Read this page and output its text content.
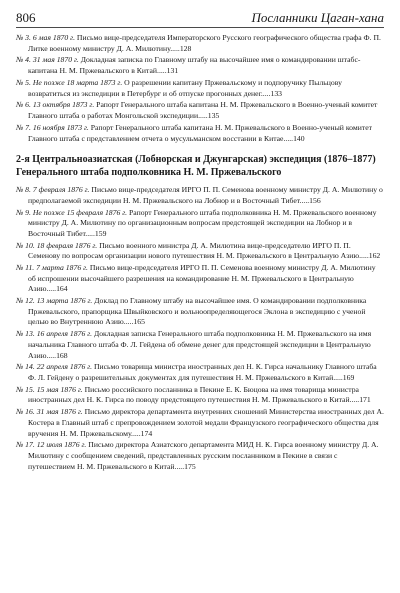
806	Посланники Цаган-хана
№ 3. 6 мая 1870 г. Письмо вице-председателя Императорского Русского географического общества графа Ф. П. Литке военному министру Д. А. Милютину.....128
№ 4. 31 мая 1870 г. Докладная записка по Главному штабу на высочайшее имя о командировании штабс-капитана Н. М. Пржевальского в Китай.....131
№ 5. Не позже 18 марта 1873 г. О разрешении капитану Пржевальскому и подпоручику Пыльцову возвратиться из экспедиции в Петербург и об отпуске прогонных денег.....133
№ 6. 13 октября 1873 г. Рапорт Генерального штаба капитана Н. М. Пржевальского в Военно-ученый комитет Главного штаба о работах Монгольской экспедиции.....135
№ 7. 16 ноября 1873 г. Рапорт Генерального штаба капитана Н. М. Пржевальского в Военно-ученый комитет Главного штаба с представлением отчета о мусульманском восстании в Китае.....140
2-я Центральноазиатская (Лобнорская и Джунгарская) экспедиция (1876–1877) Генерального штаба подполковника Н. М. Пржевальского
№ 8. 7 февраля 1876 г. Письмо вице-председателя ИРГО П. П. Семенова военному министру Д. А. Милютину о предполагаемой экспедиции Н. М. Пржевальского на Лобнор и в Восточный Тибет.....156
№ 9. Не позже 15 февраля 1876 г. Рапорт Генерального штаба подполковника Н. М. Пржевальского военному министру Д. А. Милютину по организационным вопросам предстоящей экспедиции на Лобнор и в Восточный Тибет.....159
№ 10. 18 февраля 1876 г. Письмо военного министра Д. А. Милютина вице-председателю ИРГО П. П. Семенову по вопросам организации нового путешествия Н. М. Пржевальского в Центральную Азию.....162
№ 11. 7 марта 1876 г. Письмо вице-председателя ИРГО П. П. Семенова военному министру Д. А. Милютину об испрошении высочайшего разрешения на командирование Н. М. Пржевальского в Центральную Азию.....164
№ 12. 13 марта 1876 г. Доклад по Главному штабу на высочайшее имя. О командировании подполковника Пржевальского, прапорщика Швыйковского и вольноопределяющегося Эклона в экспедицию с ученой целью во Внутреннюю Азию.....165
№ 13. 16 апреля 1876 г. Докладная записка Генерального штаба подполковника Н. М. Пржевальского на имя начальника Главного штаба Ф. Л. Гейдена об обмене денег для предстоящей экспедиции в Центральную Азию.....168
№ 14. 22 апреля 1876 г. Письмо товарища министра иностранных дел Н. К. Гирса начальнику Главного штаба Ф. Л. Гейдену о разрешительных документах для путешествия Н. М. Пржевальского в Китай.....169
№ 15. 15 мая 1876 г. Письмо российского посланника в Пекине Е. К. Бюцова на имя товарища министра иностранных дел Н. К. Гирса по поводу предстоящего путешествия Н. М. Пржевальского в Китай.....171
№ 16. 31 мая 1876 г. Письмо директора департамента внутренних сношений Министерства иностранных дел А. Костера в Главный штаб с препровождением золотой медали Французского географического общества для вручения Н. М. Пржевальскому.....174
№ 17. 12 июля 1876 г. Письмо директора Азиатского департамента МИД Н. К. Гирса военному министру Д. А. Милютину с сообщением сведений, представленных русским посланником в Пекине в связи с путешествием Н. М. Пржевальского в Китай.....175
